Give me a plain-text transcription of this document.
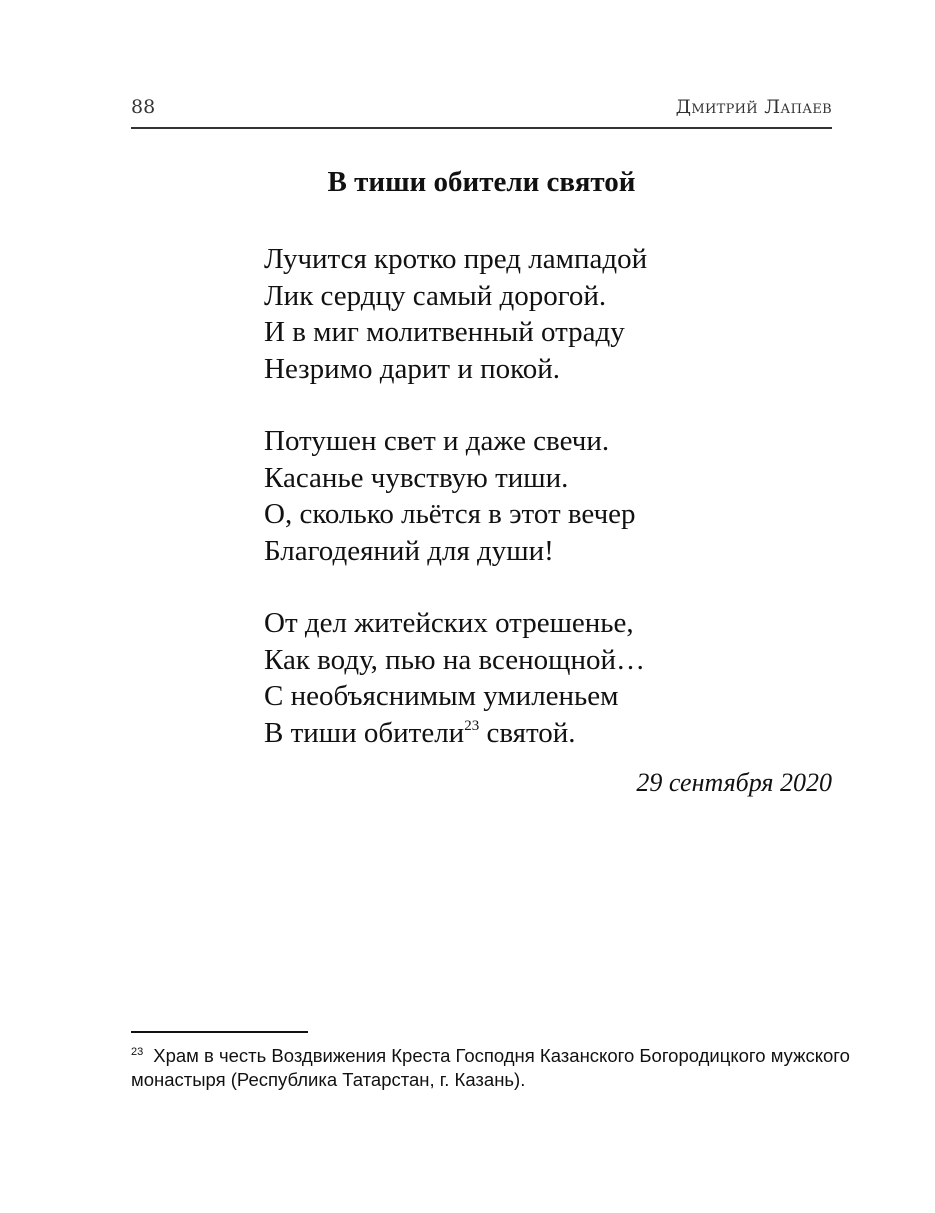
88	Дмитрий Лапаев
В тиши обители святой
Лучится кротко пред лампадой
Лик сердцу самый дорогой.
И в миг молитвенный отраду
Незримо дарит и покой.
Потушен свет и даже свечи.
Касанье чувствую тиши.
О, сколько льётся в этот вечер
Благодеяний для души!
От дел житейских отрешенье,
Как воду, пью на всенощной…
С необъяснимым умиленьем
В тиши обители$^{23}$ святой.
29 сентября 2020
$^{23}$ Храм в честь Воздвижения Креста Господня Казанского Богородицкого мужского монастыря (Республика Татарстан, г. Казань).
